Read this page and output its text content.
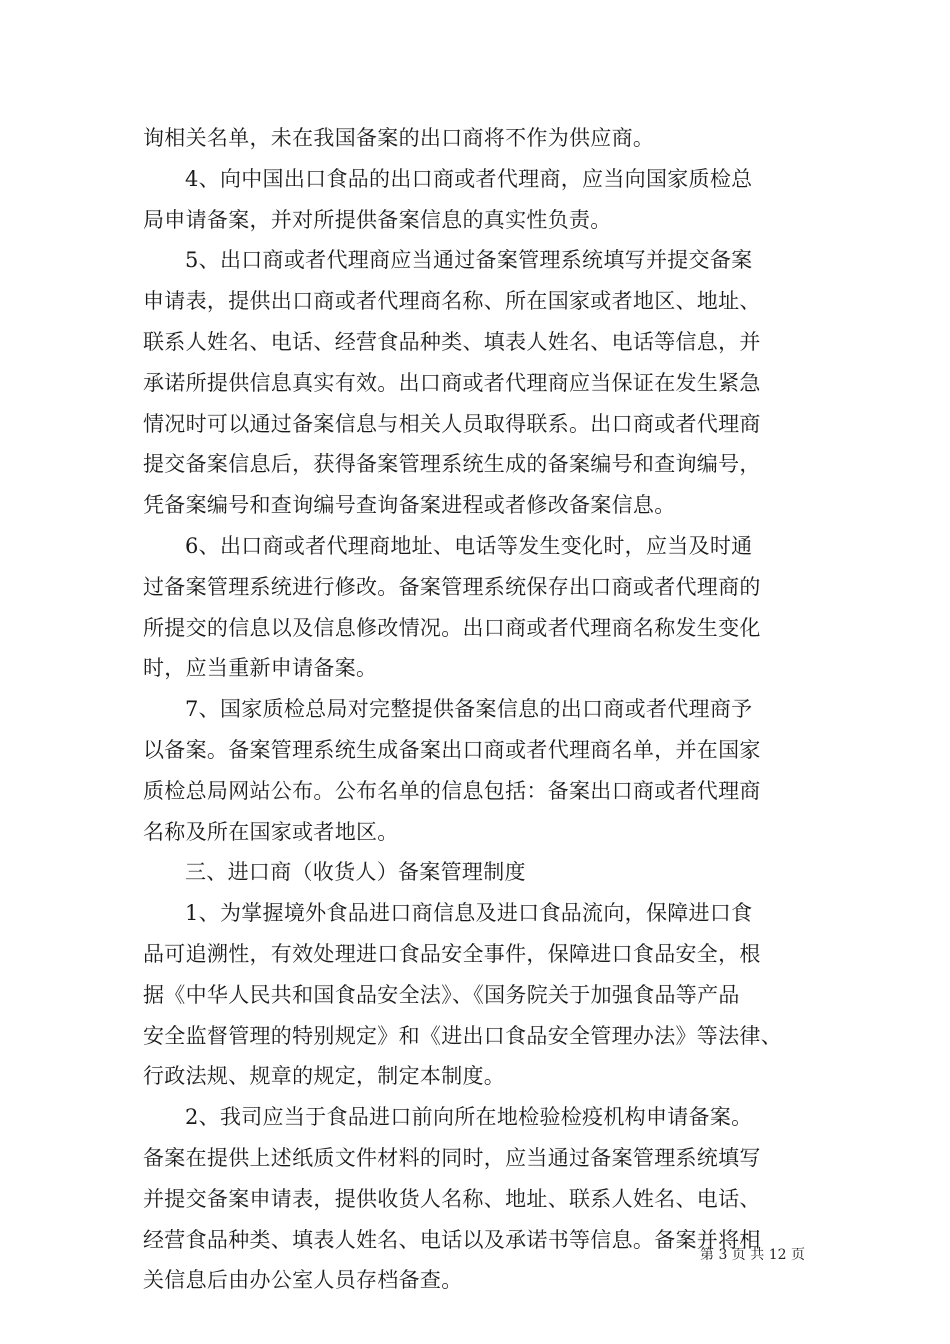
询相关名单，未在我国备案的出口商将不作为供应商。
4、向中国出口食品的出口商或者代理商，应当向国家质检总
局申请备案，并对所提供备案信息的真实性负责。
5、出口商或者代理商应当通过备案管理系统填写并提交备案
申请表，提供出口商或者代理商名称、所在国家或者地区、地址、
联系人姓名、电话、经营食品种类、填表人姓名、电话等信息，并
承诺所提供信息真实有效。出口商或者代理商应当保证在发生紧急
情况时可以通过备案信息与相关人员取得联系。出口商或者代理商
提交备案信息后，获得备案管理系统生成的备案编号和查询编号，
凭备案编号和查询编号查询备案进程或者修改备案信息。
6、出口商或者代理商地址、电话等发生变化时，应当及时通
过备案管理系统进行修改。备案管理系统保存出口商或者代理商的
所提交的信息以及信息修改情况。出口商或者代理商名称发生变化
时，应当重新申请备案。
7、国家质检总局对完整提供备案信息的出口商或者代理商予
以备案。备案管理系统生成备案出口商或者代理商名单，并在国家
质检总局网站公布。公布名单的信息包括：备案出口商或者代理商
名称及所在国家或者地区。
三、进口商（收货人）备案管理制度
1、为掌握境外食品进口商信息及进口食品流向，保障进口食
品可追溯性，有效处理进口食品安全事件，保障进口食品安全，根
据《中华人民共和国食品安全法》、《国务院关于加强食品等产品
安全监督管理的特别规定》和《进出口食品安全管理办法》等法律、
行政法规、规章的规定，制定本制度。
2、我司应当于食品进口前向所在地检验检疫机构申请备案。
备案在提供上述纸质文件材料的同时，应当通过备案管理系统填写
并提交备案申请表，提供收货人名称、地址、联系人姓名、电话、
经营食品种类、填表人姓名、电话以及承诺书等信息。备案并将相
关信息后由办公室人员存档备查。
第 3 页 共 12 页
